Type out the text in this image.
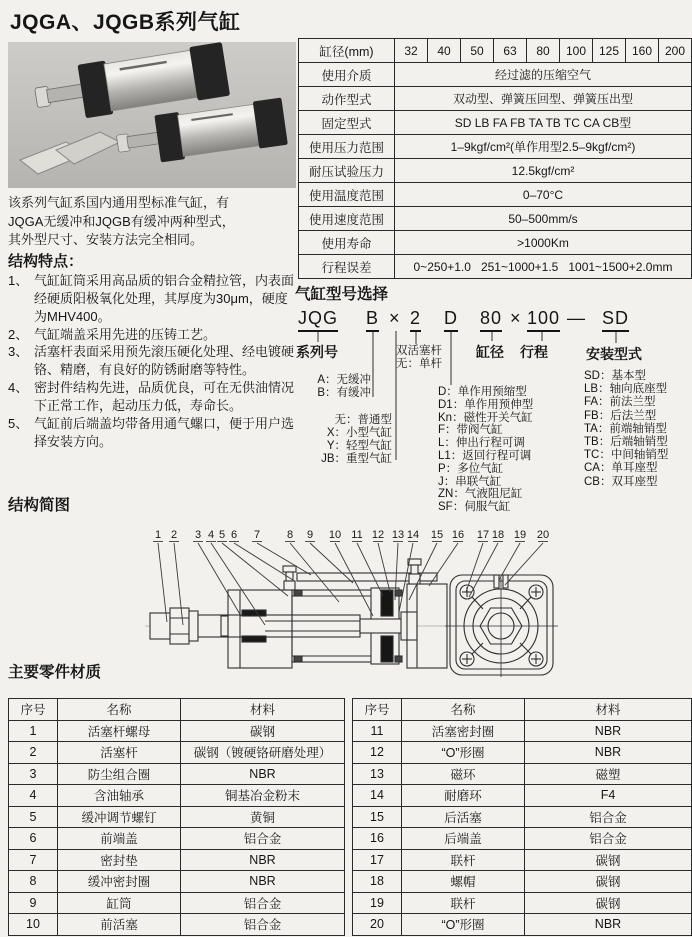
JQGA、JQGB系列气缸
缸径(mm)	32	40	50	63	80	100	125	160	200
使用介质	经过滤的压缩空气								
动作型式	双动型、弹簧压回型、弹簧压出型								
固定型式	SD LB FA FB TA TB TC CA CB型								
使用压力范围	1–9kgf/cm²(单作用型2.5–9kgf/cm²)								
耐压试验压力	12.5kgf/cm²								
使用温度范围	0–70°C								
使用速度范围	50–500mm/s								
使用寿命	>1000Km								
行程误差	0~250+1.0   251~1000+1.5   1001~1500+2.0mm								
该系列气缸系国内通用型标准气缸，有
JQGA无缓冲和JQGB有缓冲两种型式，
其外型尺寸、安装方法完全相同。
结构特点：
1、 气缸缸筒采用高品质的铝合金精拉管，内表面经硬质阳极氧化处理，其厚度为30μm，硬度为MHV400。
2、 气缸端盖采用先进的压铸工艺。
3、 活塞杆表面采用预先滚压硬化处理、经电镀硬铬、精磨，有良好的防锈耐磨等特性。
4、 密封件结构先进，品质优良，可在无供油情况下正常工作，起动压力低，寿命长。
5、 气缸前后端盖均带备用通气螺口，便于用户选择安装方向。
气缸型号选择
JQG B × 2 D 80 × 100 — SD
系列号	双活塞杆
无：单杆
缸径 行程	安装型式
A：无缓冲
B：有缓冲
无：普通型
X：小型气缸
Y：轻型气缸
JB：重型气缸
D：单作用预缩型
D1：单作用预伸型
Kn：磁性开关气缸
F：带阀气缸
L：伸出行程可调
L1：返回行程可调
P：多位气缸
J：串联气缸
ZN：气液阻尼缸
SF：伺服气缸
SD：基本型
LB：轴向底座型
FA：前法兰型
FB：后法兰型
TA：前端轴销型
TB：后端轴销型
TC：中间轴销型
CA：单耳座型
CB：双耳座型
结构简图
1 2 3 4 5 6 7 8 9 10 11 12 13 14 15 16 17 18 19 20
主要零件材质
序号	名称	材料
1	活塞杆螺母	碳钢
2	活塞杆	碳钢（镀硬铬研磨处理）
3	防尘组合圈	NBR
4	含油轴承	铜基冶金粉末
5	缓冲调节螺钉	黄铜
6	前端盖	铝合金
7	密封垫	NBR
8	缓冲密封圈	NBR
9	缸筒	铝合金
10	前活塞	铝合金
序号	名称	材料
11	活塞密封圈	NBR
12	“O”形圈	NBR
13	磁环	磁塑
14	耐磨环	F4
15	后活塞	铝合金
16	后端盖	铝合金
17	联杆	碳钢
18	螺帽	碳钢
19	联杆	碳钢
20	“O”形圈	NBR
